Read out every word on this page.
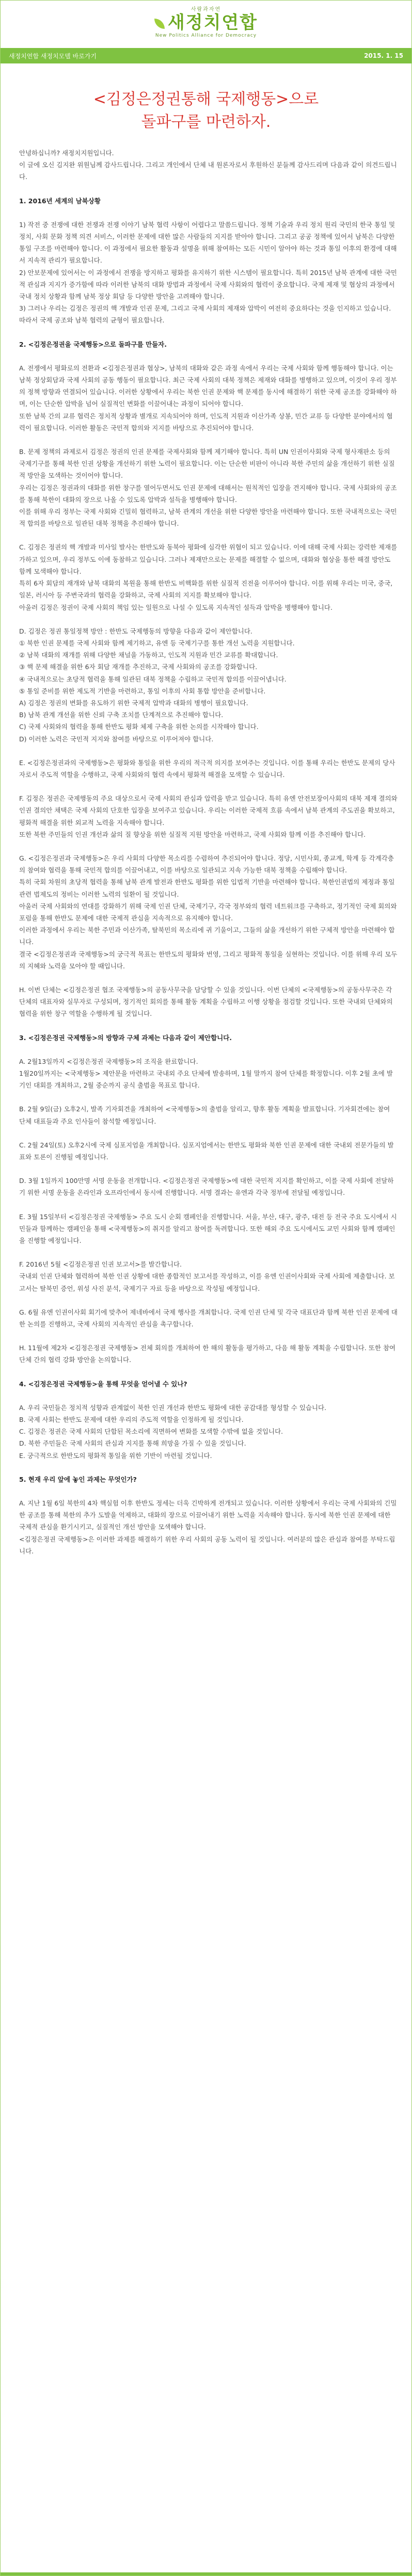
사람과자연
새정치연합
New Politics Alliance for Democracy
새정치연합 새정치모델 바로가기	2015. 1. 15
<김정은정권통해 국제행동>으로
돌파구를 마련하자.

안녕하십니까? 새정치지원입니다.
이 글에 오신 김지완 위원님께 감사드립니다. 그리고 개인에서 단체 내 원론자로서 후원하신 분들께 감사드리며 다음과 같이 의견드립니다.

1. 2016년 세계의 남북상황

1) 작전 중 전쟁에 대한 전쟁과 전쟁 이야기 남북 협력 사항이 어렵다고 말씀드립니다. 정책 기술과 우리 정치 원리 국민의 한국 통일 및 정치, 사회 문화 정책 의견 서비스, 이러한 문제에 대한 많은 사람들의 지지를 받아야 합니다. 그리고 공공 정책에 있어서 남북은 다양한 통일 구조를 마련해야 합니다. 이 과정에서 필요한 활동과 설명을 위해 참여하는 모든 시민이 알아야 하는 것과 통일 이후의 환경에 대해서 지속적 관리가 필요합니다.
2) 안보문제에 있어서는 이 과정에서 전쟁을 방지하고 평화를 유지하기 위한 시스템이 필요합니다. 특히 2015년 남북 관계에 대한 국민적 관심과 지지가 증가함에 따라 이러한 남북의 대화 방법과 과정에서 국제 사회와의 협력이 중요합니다. 국제 제재 및 협상의 과정에서 국내 정치 상황과 함께 남북 정상 회담 등 다양한 방안을 고려해야 합니다.
3) 그러나 우리는 김정은 정권의 핵 개발과 인권 문제, 그리고 국제 사회의 제재와 압박이 여전히 중요하다는 것을 인지하고 있습니다. 따라서 국제 공조와 남북 협력의 균형이 필요합니다.

2. <김정은정권을 국제행동>으로 돌파구를 만들자.

A. 전쟁에서 평화로의 전환과 <김정은정권과 협상>, 남북의 대화와 같은 과정 속에서 우리는 국제 사회와 함께 행동해야 합니다. 이는 남북 정상회담과 국제 사회의 공동 행동이 필요합니다. 최근 국제 사회의 대북 정책은 제재와 대화를 병행하고 있으며, 이것이 우리 정부의 정책 방향과 연결되어 있습니다. 이러한 상황에서 우리는 북한 인권 문제와 핵 문제를 동시에 해결하기 위한 국제 공조를 강화해야 하며, 이는 단순한 압박을 넘어 실질적인 변화를 이끌어내는 과정이 되어야 합니다.
또한 남북 간의 교류 협력은 정치적 상황과 별개로 지속되어야 하며, 인도적 지원과 이산가족 상봉, 민간 교류 등 다양한 분야에서의 협력이 필요합니다. 이러한 활동은 국민적 합의와 지지를 바탕으로 추진되어야 합니다.

B. 문제 정책의 과제로서 김정은 정권의 인권 문제를 국제사회와 함께 제기해야 합니다. 특히 UN 인권이사회와 국제 형사재판소 등의 국제기구를 통해 북한 인권 상황을 개선하기 위한 노력이 필요합니다. 이는 단순한 비판이 아니라 북한 주민의 삶을 개선하기 위한 실질적 방안을 모색하는 것이어야 합니다.
우리는 김정은 정권과의 대화를 위한 창구를 열어두면서도 인권 문제에 대해서는 원칙적인 입장을 견지해야 합니다. 국제 사회와의 공조를 통해 북한이 대화의 장으로 나올 수 있도록 압박과 설득을 병행해야 합니다.
이를 위해 우리 정부는 국제 사회와 긴밀히 협력하고, 남북 관계의 개선을 위한 다양한 방안을 마련해야 합니다. 또한 국내적으로는 국민적 합의를 바탕으로 일관된 대북 정책을 추진해야 합니다.

C. 김정은 정권의 핵 개발과 미사일 발사는 한반도와 동북아 평화에 심각한 위협이 되고 있습니다. 이에 대해 국제 사회는 강력한 제재를 가하고 있으며, 우리 정부도 이에 동참하고 있습니다. 그러나 제재만으로는 문제를 해결할 수 없으며, 대화와 협상을 통한 해결 방안도 함께 모색해야 합니다.
특히 6자 회담의 재개와 남북 대화의 복원을 통해 한반도 비핵화를 위한 실질적 진전을 이루어야 합니다. 이를 위해 우리는 미국, 중국, 일본, 러시아 등 주변국과의 협력을 강화하고, 국제 사회의 지지를 확보해야 합니다.
아울러 김정은 정권이 국제 사회의 책임 있는 일원으로 나설 수 있도록 지속적인 설득과 압박을 병행해야 합니다.

D. 김정은 정권 통일정책 방안 : 한반도 국제행동의 방향을 다음과 같이 제안합니다.
① 북한 인권 문제를 국제 사회와 함께 제기하고, 유엔 등 국제기구를 통한 개선 노력을 지원합니다.
② 남북 대화의 재개를 위해 다양한 채널을 가동하고, 인도적 지원과 민간 교류를 확대합니다.
③ 핵 문제 해결을 위한 6자 회담 재개를 추진하고, 국제 사회와의 공조를 강화합니다.
④ 국내적으로는 초당적 협력을 통해 일관된 대북 정책을 수립하고 국민적 합의를 이끌어냅니다.
⑤ 통일 준비를 위한 제도적 기반을 마련하고, 통일 이후의 사회 통합 방안을 준비합니다.
A) 김정은 정권의 변화를 유도하기 위한 국제적 압박과 대화의 병행이 필요합니다.
B) 남북 관계 개선을 위한 신뢰 구축 조치를 단계적으로 추진해야 합니다.
C) 국제 사회와의 협력을 통해 한반도 평화 체제 구축을 위한 논의를 시작해야 합니다.
D) 이러한 노력은 국민적 지지와 참여를 바탕으로 이루어져야 합니다.

E. <김정은정권과의 국제행동>은 평화와 통일을 위한 우리의 적극적 의지를 보여주는 것입니다. 이를 통해 우리는 한반도 문제의 당사자로서 주도적 역할을 수행하고, 국제 사회와의 협력 속에서 평화적 해결을 모색할 수 있습니다.

F. 김정은 정권은 국제행동의 주요 대상으로서 국제 사회의 관심과 압력을 받고 있습니다. 특히 유엔 안전보장이사회의 대북 제재 결의와 인권 결의안 채택은 국제 사회의 단호한 입장을 보여주고 있습니다. 우리는 이러한 국제적 흐름 속에서 남북 관계의 주도권을 확보하고, 평화적 해결을 위한 외교적 노력을 지속해야 합니다.
또한 북한 주민들의 인권 개선과 삶의 질 향상을 위한 실질적 지원 방안을 마련하고, 국제 사회와 함께 이를 추진해야 합니다.

G. <김정은정권과 국제행동>은 우리 사회의 다양한 목소리를 수렴하여 추진되어야 합니다. 정당, 시민사회, 종교계, 학계 등 각계각층의 참여와 협력을 통해 국민적 합의를 이끌어내고, 이를 바탕으로 일관되고 지속 가능한 대북 정책을 수립해야 합니다.
특히 국회 차원의 초당적 협력을 통해 남북 관계 발전과 한반도 평화를 위한 입법적 기반을 마련해야 합니다. 북한인권법의 제정과 통일 관련 법제도의 정비는 이러한 노력의 일환이 될 것입니다.
아울러 국제 사회와의 연대를 강화하기 위해 국제 인권 단체, 국제기구, 각국 정부와의 협력 네트워크를 구축하고, 정기적인 국제 회의와 포럼을 통해 한반도 문제에 대한 국제적 관심을 지속적으로 유지해야 합니다.
이러한 과정에서 우리는 북한 주민과 이산가족, 탈북민의 목소리에 귀 기울이고, 그들의 삶을 개선하기 위한 구체적 방안을 마련해야 합니다.
결국 <김정은정권과 국제행동>의 궁극적 목표는 한반도의 평화와 번영, 그리고 평화적 통일을 실현하는 것입니다. 이를 위해 우리 모두의 지혜와 노력을 모아야 할 때입니다.

H. 이번 단체는 <김정은정권 협조 국제행동>의 공동사무국을 담당할 수 있을 것입니다. 이번 단체의 <국제행동>의 공동사무국은 각 단체의 대표자와 실무자로 구성되며, 정기적인 회의를 통해 활동 계획을 수립하고 이행 상황을 점검할 것입니다. 또한 국내외 단체와의 협력을 위한 창구 역할을 수행하게 될 것입니다.

3. <김정은정권 국제행동>의 방향과 구체 과제는 다음과 같이 제안합니다.

A. 2월13일까지 <김정은정권 국제행동>의 조직을 완료합니다.
1월20일까지는 <국제행동> 제안문을 마련하고 국내외 주요 단체에 발송하며, 1월 말까지 참여 단체를 확정합니다. 이후 2월 초에 발기인 대회를 개최하고, 2월 중순까지 공식 출범을 목표로 합니다.

B. 2월 9일(금) 오후2시, 발족 기자회견을 개최하여 <국제행동>의 출범을 알리고, 향후 활동 계획을 발표합니다. 기자회견에는 참여 단체 대표들과 주요 인사들이 참석할 예정입니다.

C. 2월 24일(토) 오후2시에 국제 심포지엄을 개최합니다. 심포지엄에서는 한반도 평화와 북한 인권 문제에 대한 국내외 전문가들의 발표와 토론이 진행될 예정입니다.

D. 3월 1일까지 100만명 서명 운동을 전개합니다. <김정은정권 국제행동>에 대한 국민적 지지를 확인하고, 이를 국제 사회에 전달하기 위한 서명 운동을 온라인과 오프라인에서 동시에 진행합니다. 서명 결과는 유엔과 각국 정부에 전달될 예정입니다.

E. 3월 15일부터 <김정은정권 국제행동> 주요 도시 순회 캠페인을 진행합니다. 서울, 부산, 대구, 광주, 대전 등 전국 주요 도시에서 시민들과 함께하는 캠페인을 통해 <국제행동>의 취지를 알리고 참여를 독려합니다. 또한 해외 주요 도시에서도 교민 사회와 함께 캠페인을 진행할 예정입니다.

F. 2016년 5월 <김정은정권 인권 보고서>를 발간합니다.
국내외 인권 단체와 협력하여 북한 인권 상황에 대한 종합적인 보고서를 작성하고, 이를 유엔 인권이사회와 국제 사회에 제출합니다. 보고서는 탈북민 증언, 위성 사진 분석, 국제기구 자료 등을 바탕으로 작성될 예정입니다.

G. 6월 유엔 인권이사회 회기에 맞추어 제네바에서 국제 행사를 개최합니다. 국제 인권 단체 및 각국 대표단과 함께 북한 인권 문제에 대한 논의를 진행하고, 국제 사회의 지속적인 관심을 촉구합니다.

H. 11월에 제2차 <김정은정권 국제행동> 전체 회의를 개최하여 한 해의 활동을 평가하고, 다음 해 활동 계획을 수립합니다. 또한 참여 단체 간의 협력 강화 방안을 논의합니다.

4. <김정은정권 국제행동>을 통해 무엇을 얻어낼 수 있나?

A. 우리 국민들은 정치적 성향과 관계없이 북한 인권 개선과 한반도 평화에 대한 공감대를 형성할 수 있습니다.
B. 국제 사회는 한반도 문제에 대한 우리의 주도적 역할을 인정하게 될 것입니다.
C. 김정은 정권은 국제 사회의 단합된 목소리에 직면하여 변화를 모색할 수밖에 없을 것입니다.
D. 북한 주민들은 국제 사회의 관심과 지지를 통해 희망을 가질 수 있을 것입니다.
E. 궁극적으로 한반도의 평화적 통일을 위한 기반이 마련될 것입니다.

5. 현재 우리 앞에 놓인 과제는 무엇인가?

A. 지난 1월 6일 북한의 4차 핵실험 이후 한반도 정세는 더욱 긴박하게 전개되고 있습니다. 이러한 상황에서 우리는 국제 사회와의 긴밀한 공조를 통해 북한의 추가 도발을 억제하고, 대화의 장으로 이끌어내기 위한 노력을 지속해야 합니다. 동시에 북한 인권 문제에 대한 국제적 관심을 환기시키고, 실질적인 개선 방안을 모색해야 합니다.
<김정은정권 국제행동>은 이러한 과제를 해결하기 위한 우리 사회의 공동 노력이 될 것입니다. 여러분의 많은 관심과 참여를 부탁드립니다.
